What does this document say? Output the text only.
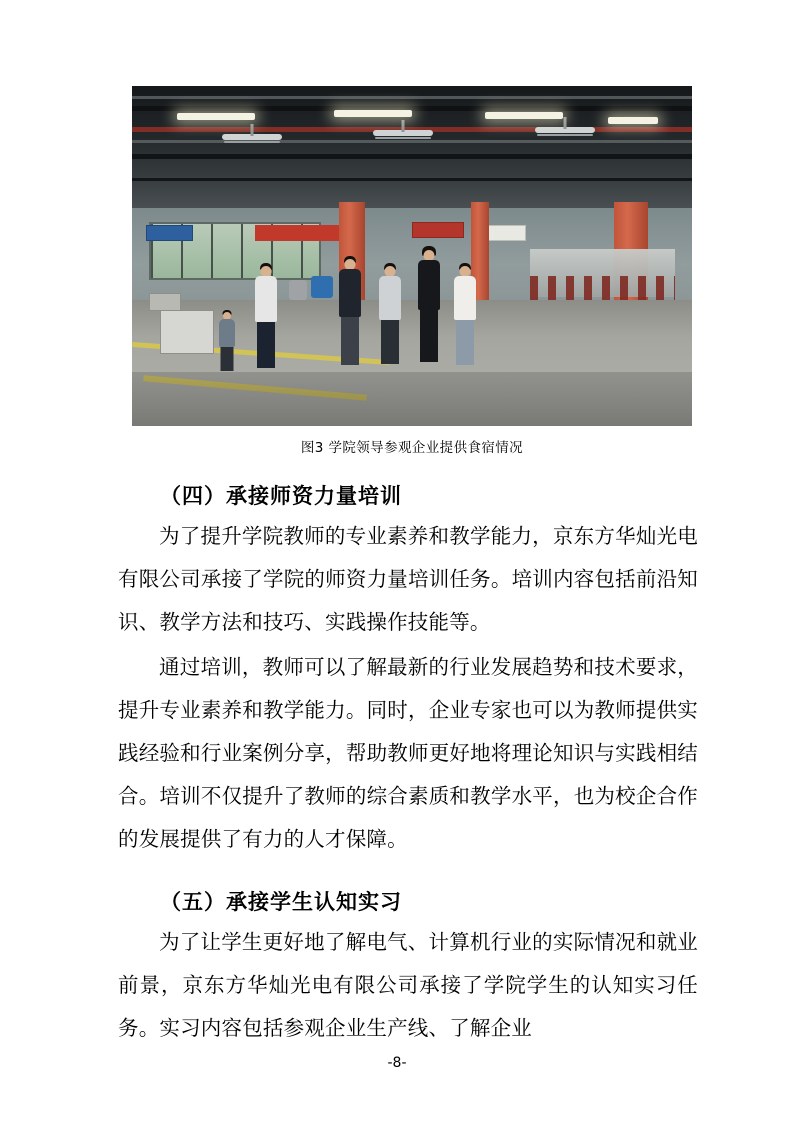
图3 学院领导参观企业提供食宿情况
（四）承接师资力量培训

为了提升学院教师的专业素养和教学能力，京东方华灿光电有限公司承接了学院的师资力量培训任务。培训内容包括前沿知识、教学方法和技巧、实践操作技能等。

通过培训，教师可以了解最新的行业发展趋势和技术要求，提升专业素养和教学能力。同时，企业专家也可以为教师提供实践经验和行业案例分享，帮助教师更好地将理论知识与实践相结合。培训不仅提升了教师的综合素质和教学水平，也为校企合作的发展提供了有力的人才保障。

（五）承接学生认知实习

为了让学生更好地了解电气、计算机行业的实际情况和就业前景，京东方华灿光电有限公司承接了学院学生的认知实习任务。实习内容包括参观企业生产线、了解企业

-8-
